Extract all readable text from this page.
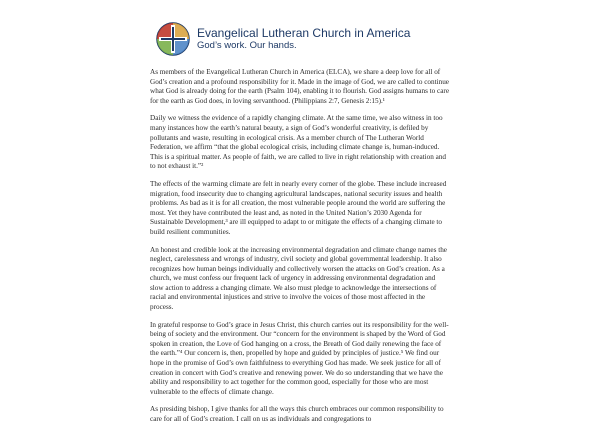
Evangelical Lutheran Church in America
God’s work. Our hands.

As members of the Evangelical Lutheran Church in America (ELCA), we share a deep love for all of God’s creation and a profound responsibility for it. Made in the image of God, we are called to continue what God is already doing for the earth (Psalm 104), enabling it to flourish. God assigns humans to care for the earth as God does, in loving servanthood. (Philippians 2:7, Genesis 2:15).¹

Daily we witness the evidence of a rapidly changing climate. At the same time, we also witness in too many instances how the earth’s natural beauty, a sign of God’s wonderful creativity, is defiled by pollutants and waste, resulting in ecological crisis. As a member church of The Lutheran World Federation, we affirm “that the global ecological crisis, including climate change is, human-induced. This is a spiritual matter. As people of faith, we are called to live in right relationship with creation and to not exhaust it.”²

The effects of the warming climate are felt in nearly every corner of the globe. These include increased migration, food insecurity due to changing agricultural landscapes, national security issues and health problems. As bad as it is for all creation, the most vulnerable people around the world are suffering the most. Yet they have contributed the least and, as noted in the United Nation’s 2030 Agenda for Sustainable Development,³ are ill equipped to adapt to or mitigate the effects of a changing climate to build resilient communities.

An honest and credible look at the increasing environmental degradation and climate change names the neglect, carelessness and wrongs of industry, civil society and global governmental leadership. It also recognizes how human beings individually and collectively worsen the attacks on God’s creation. As a church, we must confess our frequent lack of urgency in addressing environmental degradation and slow action to address a changing climate. We also must pledge to acknowledge the intersections of racial and environmental injustices and strive to involve the voices of those most affected in the process.

In grateful response to God’s grace in Jesus Christ, this church carries out its responsibility for the well-being of society and the environment. Our “concern for the environment is shaped by the Word of God spoken in creation, the Love of God hanging on a cross, the Breath of God daily renewing the face of the earth.”⁴ Our concern is, then, propelled by hope and guided by principles of justice.⁵ We find our hope in the promise of God’s own faithfulness to everything God has made. We seek justice for all of creation in concert with God’s creative and renewing power. We do so understanding that we have the ability and responsibility to act together for the common good, especially for those who are most vulnerable to the effects of climate change.

As presiding bishop, I give thanks for all the ways this church embraces our common responsibility to care for all of God’s creation. I call on us as individuals and congregations to
